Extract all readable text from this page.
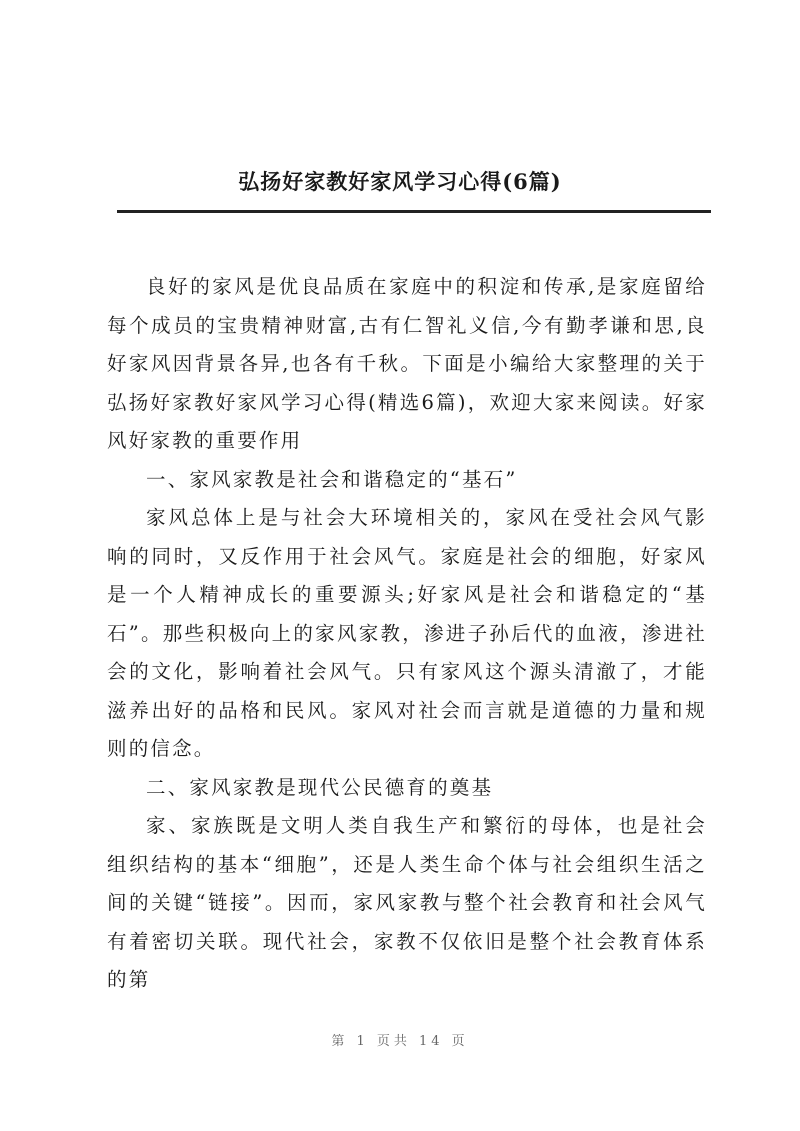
弘扬好家教好家风学习心得(6篇)

良好的家风是优良品质在家庭中的积淀和传承,是家庭留给每个成员的宝贵精神财富,古有仁智礼义信,今有勤孝谦和思,良好家风因背景各异,也各有千秋。下面是小编给大家整理的关于弘扬好家教好家风学习心得(精选6篇)，欢迎大家来阅读。好家风好家教的重要作用

一、家风家教是社会和谐稳定的“基石”

家风总体上是与社会大环境相关的，家风在受社会风气影响的同时，又反作用于社会风气。家庭是社会的细胞，好家风是一个人精神成长的重要源头;好家风是社会和谐稳定的“基石”。那些积极向上的家风家教，渗进子孙后代的血液，渗进社会的文化，影响着社会风气。只有家风这个源头清澈了，才能滋养出好的品格和民风。家风对社会而言就是道德的力量和规则的信念。

二、家风家教是现代公民德育的奠基

家、家族既是文明人类自我生产和繁衍的母体，也是社会组织结构的基本“细胞”，还是人类生命个体与社会组织生活之间的关键“链接”。因而，家风家教与整个社会教育和社会风气有着密切关联。现代社会，家教不仅依旧是整个社会教育体系的第

第 1 页共 14 页
